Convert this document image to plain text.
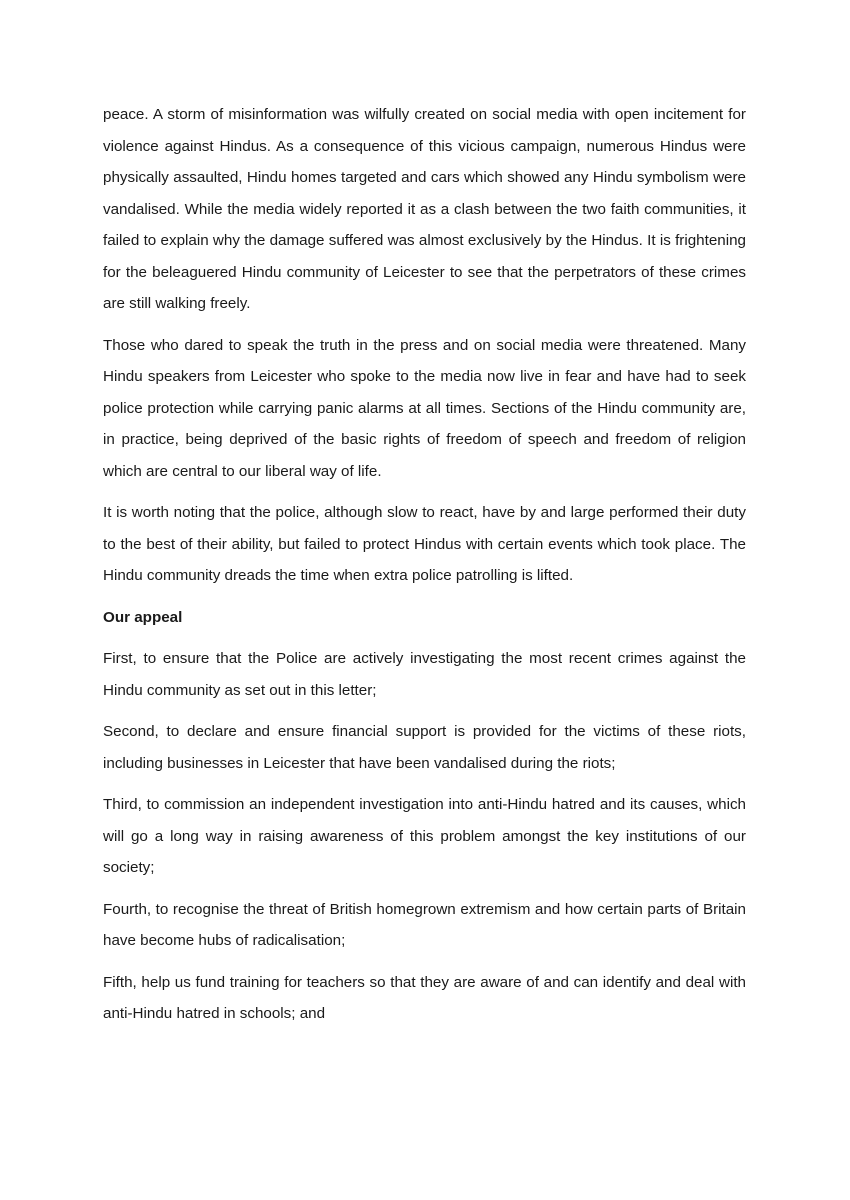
peace. A storm of misinformation was wilfully created on social media with open incitement for violence against Hindus. As a consequence of this vicious campaign, numerous Hindus were physically assaulted, Hindu homes targeted and cars which showed any Hindu symbolism were vandalised. While the media widely reported it as a clash between the two faith communities, it failed to explain why the damage suffered was almost exclusively by the Hindus. It is frightening for the beleaguered Hindu community of Leicester to see that the perpetrators of these crimes are still walking freely.

Those who dared to speak the truth in the press and on social media were threatened. Many Hindu speakers from Leicester who spoke to the media now live in fear and have had to seek police protection while carrying panic alarms at all times. Sections of the Hindu community are, in practice, being deprived of the basic rights of freedom of speech and freedom of religion which are central to our liberal way of life.

It is worth noting that the police, although slow to react, have by and large performed their duty to the best of their ability, but failed to protect Hindus with certain events which took place. The Hindu community dreads the time when extra police patrolling is lifted.

Our appeal

First, to ensure that the Police are actively investigating the most recent crimes against the Hindu community as set out in this letter;

Second, to declare and ensure financial support is provided for the victims of these riots, including businesses in Leicester that have been vandalised during the riots;

Third, to commission an independent investigation into anti-Hindu hatred and its causes, which will go a long way in raising awareness of this problem amongst the key institutions of our society;

Fourth, to recognise the threat of British homegrown extremism and how certain parts of Britain have become hubs of radicalisation;

Fifth, help us fund training for teachers so that they are aware of and can identify and deal with anti-Hindu hatred in schools; and
